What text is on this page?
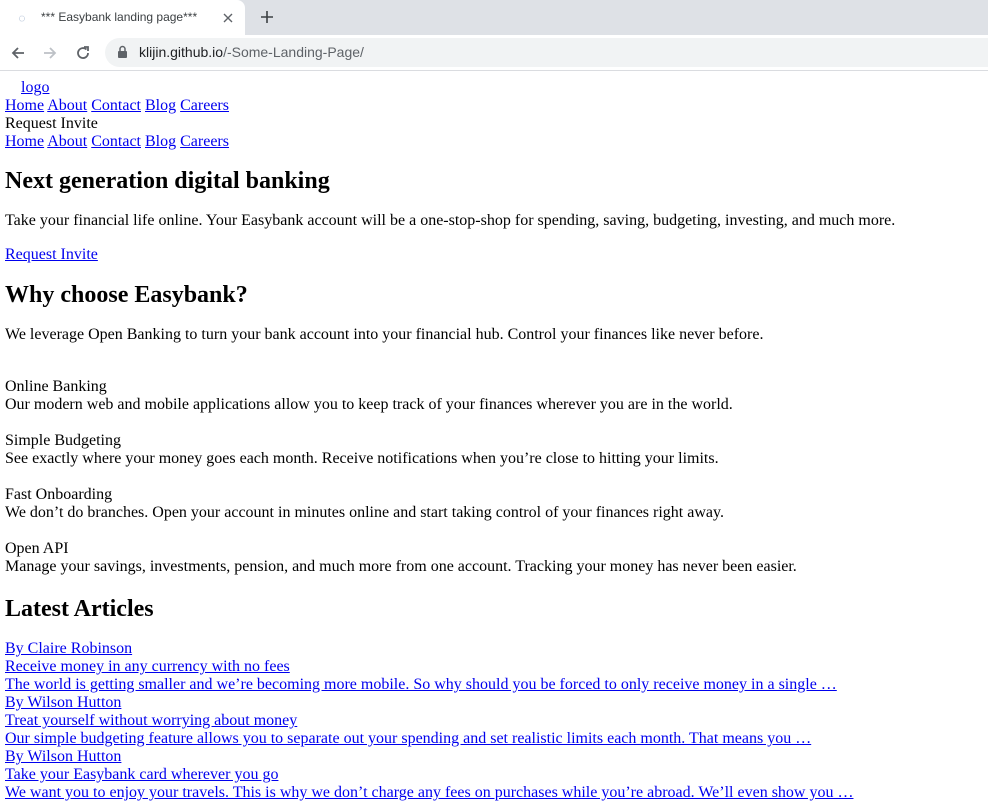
◌	*** Easybank landing page***
klijin.github.io/-Some-Landing-Page/
logo
Home About Contact Blog Careers
Request Invite
Home About Contact Blog Careers
Next generation digital banking

Take your financial life online. Your Easybank account will be a one-stop-shop for spending, saving, budgeting, investing, and much more.

Request Invite

Why choose Easybank?

We leverage Open Banking to turn your bank account into your financial hub. Control your finances like never before.

Online Banking
Our modern web and mobile applications allow you to keep track of your finances wherever you are in the world.
Simple Budgeting
See exactly where your money goes each month. Receive notifications when you’re close to hitting your limits.
Fast Onboarding
We don’t do branches. Open your account in minutes online and start taking control of your finances right away.
Open API
Manage your savings, investments, pension, and much more from one account. Tracking your money has never been easier.
Latest Articles
By Claire Robinson
Receive money in any currency with no fees
The world is getting smaller and we’re becoming more mobile. So why should you be forced to only receive money in a single …
By Wilson Hutton
Treat yourself without worrying about money
Our simple budgeting feature allows you to separate out your spending and set realistic limits each month. That means you …
By Wilson Hutton
Take your Easybank card wherever you go
We want you to enjoy your travels. This is why we don’t charge any fees on purchases while you’re abroad. We’ll even show you …
